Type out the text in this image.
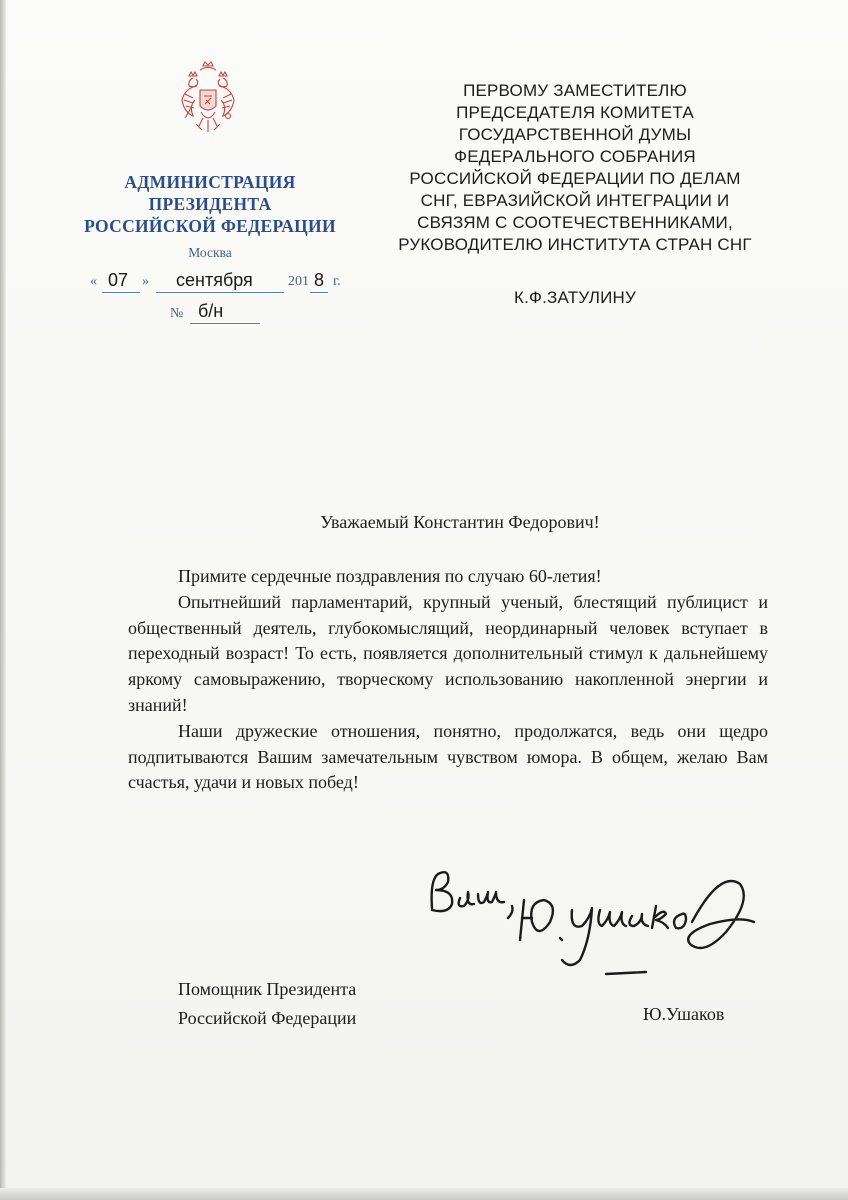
АДМИНИСТРАЦИЯ
ПРЕЗИДЕНТА
РОССИЙСКОЙ ФЕДЕРАЦИИ
Москва
« 07 » сентября	201 8 г.
№ б/н
ПЕРВОМУ ЗАМЕСТИТЕЛЮ
ПРЕДСЕДАТЕЛЯ КОМИТЕТА
ГОСУДАРСТВЕННОЙ ДУМЫ
ФЕДЕРАЛЬНОГО СОБРАНИЯ
РОССИЙСКОЙ ФЕДЕРАЦИИ ПО ДЕЛАМ
СНГ, ЕВРАЗИЙСКОЙ ИНТЕГРАЦИИ И
СВЯЗЯМ С СООТЕЧЕСТВЕННИКАМИ,
РУКОВОДИТЕЛЮ ИНСТИТУТА СТРАН СНГ
К.Ф.ЗАТУЛИНУ
Уважаемый Константин Федорович!

Примите сердечные поздравления по случаю 60-летия!

Опытнейший парламентарий, крупный ученый, блестящий публицист и общественный деятель, глубокомыслящий, неординарный человек вступает в переходный возраст! То есть, появляется дополнительный стимул к дальнейшему яркому самовыражению, творческому использованию накопленной энергии и знаний!

Наши дружеские отношения, понятно, продолжатся, ведь они щедро подпитываются Вашим замечательным чувством юмора. В общем, желаю Вам счастья, удачи и новых побед!

Помощник Президента
Российской Федерации	Ю.Ушаков
